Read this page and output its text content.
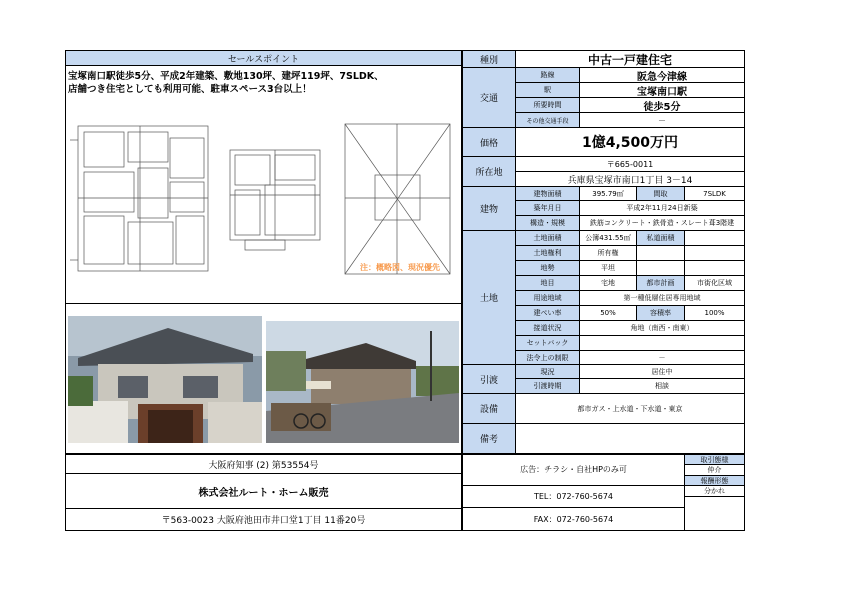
セールスポイント
宝塚南口駅徒歩5分、平成2年建築、敷地130坪、建坪119坪、7SLDK、
店舗つき住宅としても利用可能、駐車スペース3台以上！
注：概略図、現況優先
種別	中古一戸建住宅
交通
路線	阪急今津線
駅	宝塚南口駅
所要時間	徒歩5分
その他交通手段	－
価格	1億4,500万円
所在地
〒665-0011
兵庫県宝塚市南口1丁目 3－14
建物
建物面積	395.79㎡	間取	7SLDK
築年月日	平成2年11月24日新築
構造・規模	鉄筋コンクリート・鉄骨造・スレート葺3階建
土地
土地面積	公簿431.55㎡	私道面積
土地権利	所有権
地勢	平坦
地目	宅地	都市計画	市街化区域
用途地域	第一種低層住居専用地域
建ぺい率	50%	容積率	100%
接道状況	角地（南西・南東）
セットバック
法令上の制限	－
引渡
現況	居住中
引渡時期	相談
設備	都市ガス・上水道・下水道・東京
備考
大阪府知事 (2) 第53554号
株式会社ルート・ホーム販売
〒563-0023 大阪府池田市井口堂1丁目 11番20号
広告：チラシ・自社HPのみ可
TEL：072-760-5674
FAX：072-760-5674
取引態様
仲介
報酬形態
分かれ
